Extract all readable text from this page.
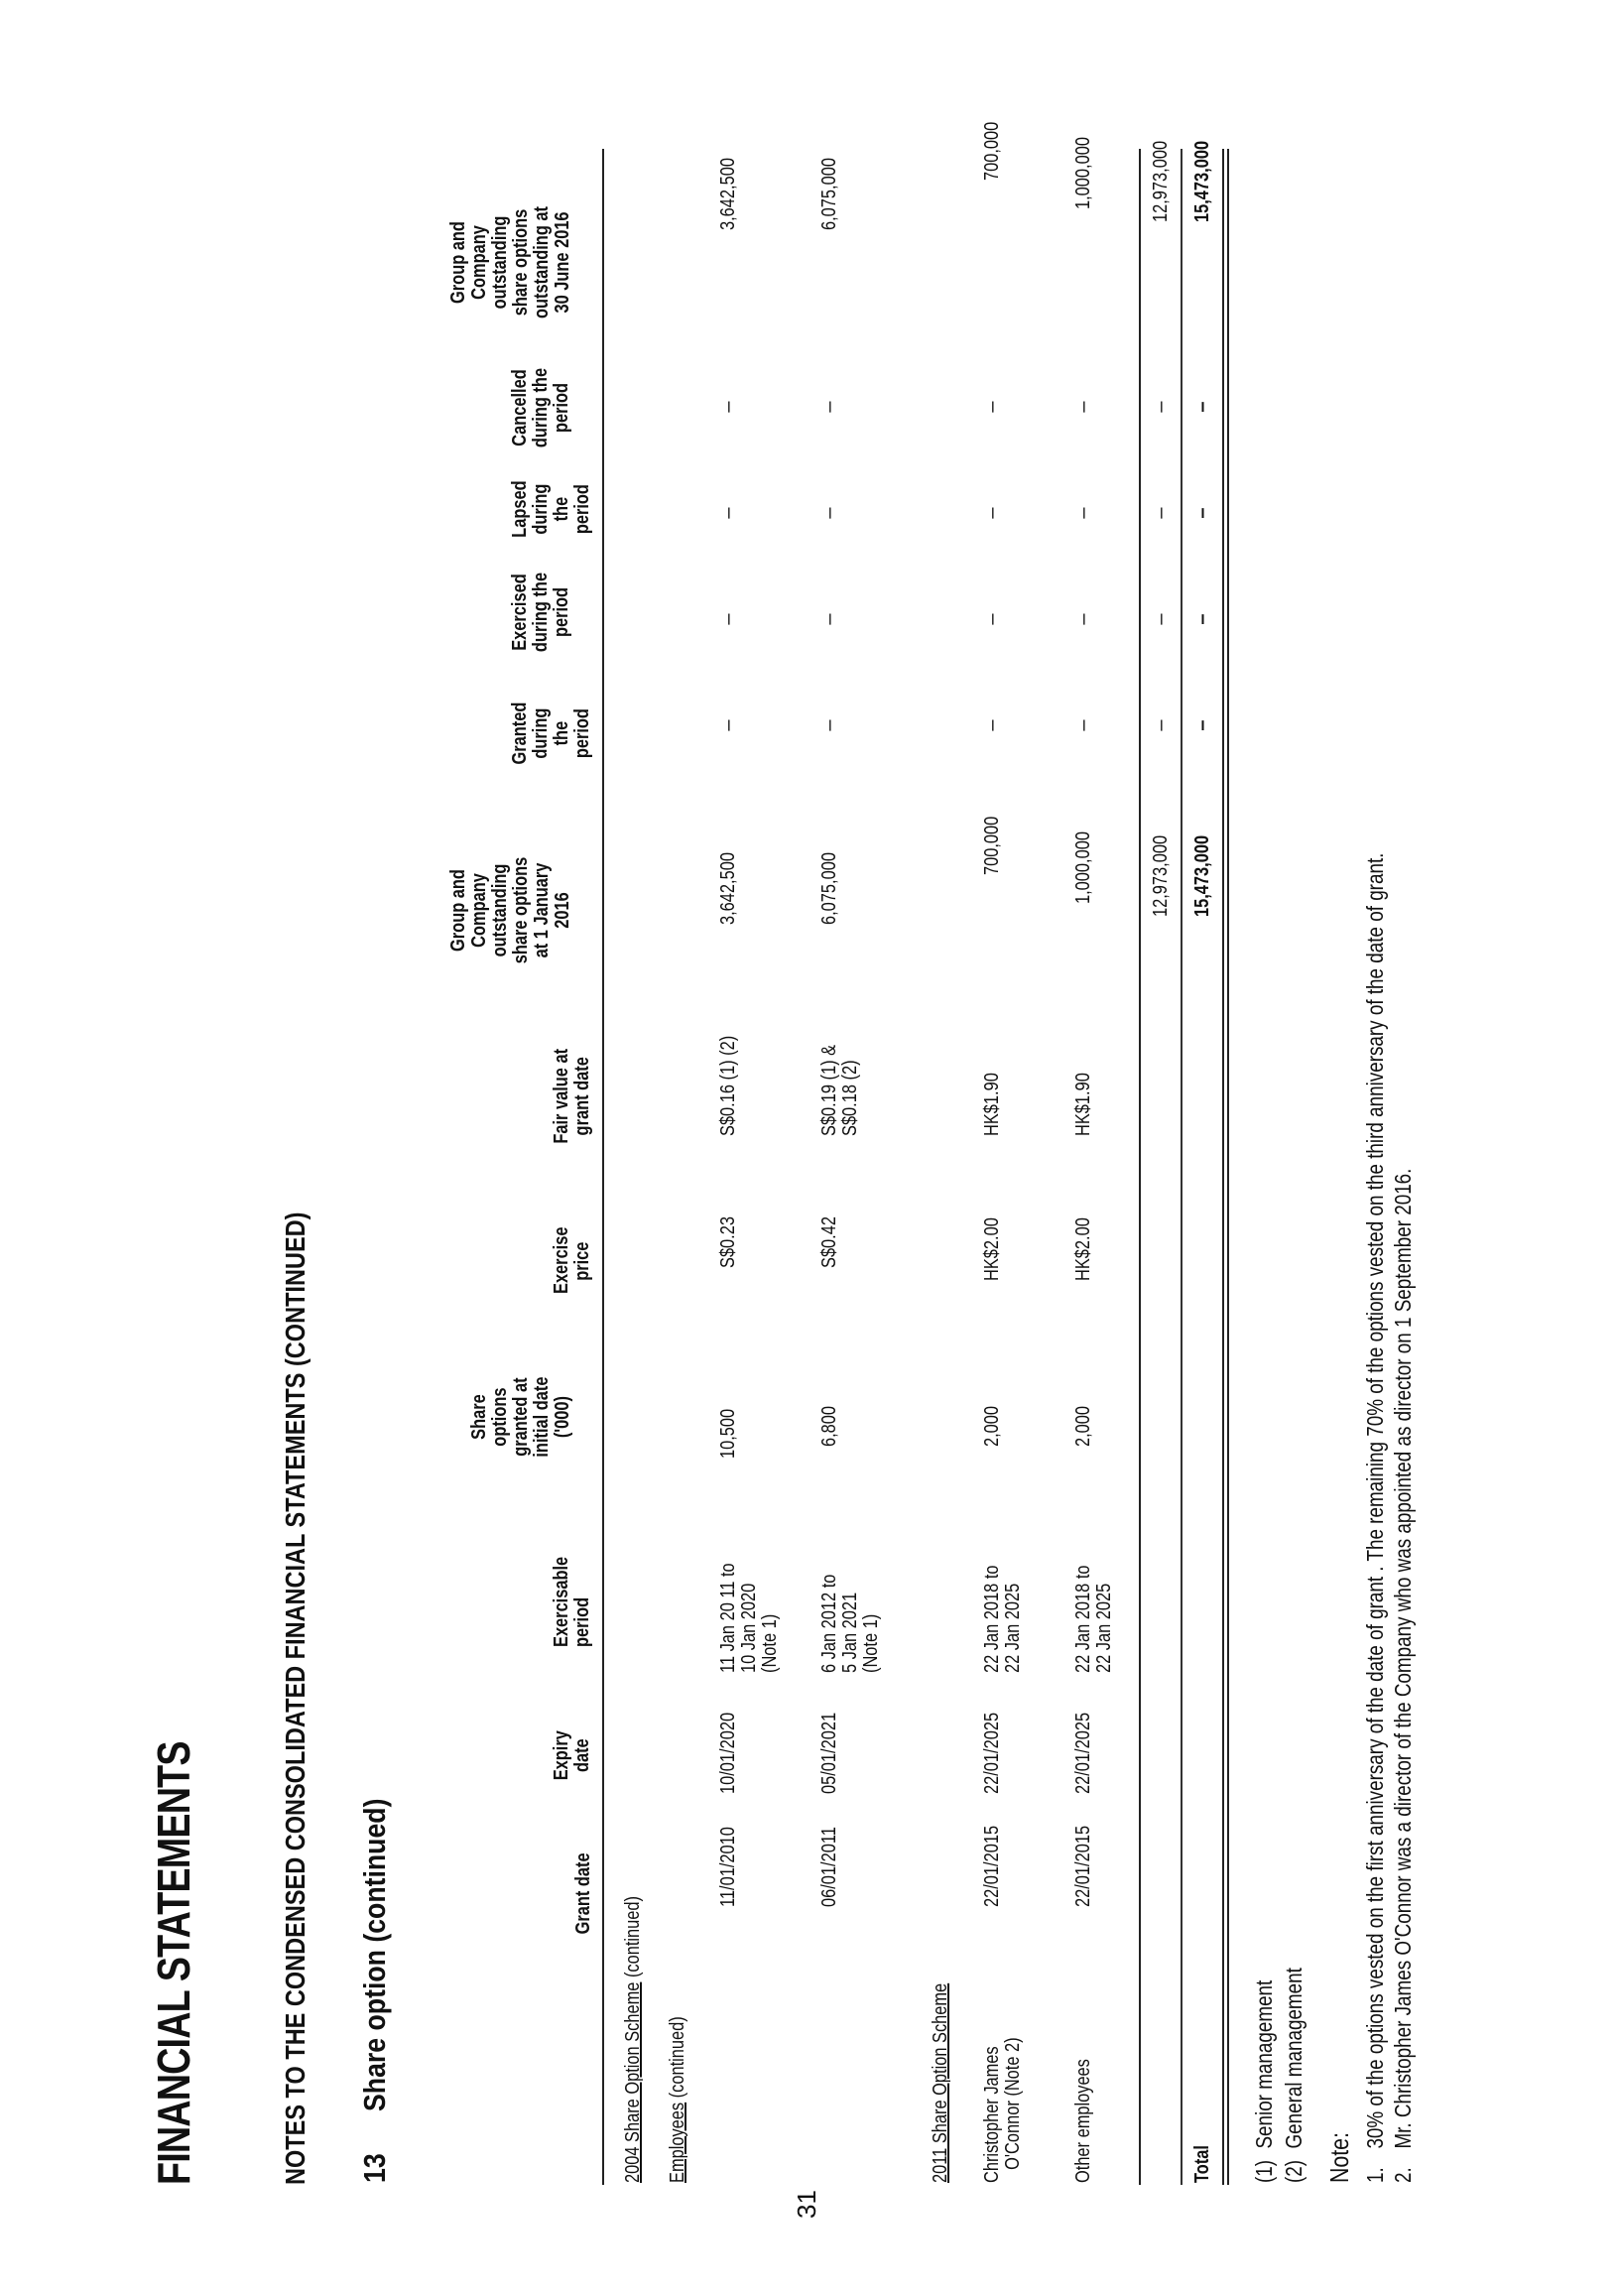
FINANCIAL STATEMENTS	NOTES TO THE CONDENSED CONSOLIDATED FINANCIAL STATEMENTS (CONTINUED) 13
Share option (continued)
31
Grant date
Expiry date
Exercisable period
Share options granted at initial date ('000)
Exercise price
Fair value at grant date
Group and Company outstanding share options at 1 January 2016
Granted during the period
Exercised during the period
Lapsed during the period
Cancelled during the period
Group and Company outstanding share options outstanding at 30 June 2016
2004 Share Option Scheme (continued)
Employees (continued)
11/01/2010
10/01/2020
11 Jan 20 11 to 10 Jan 2020 (Note 1)
10,500
S$0.23
S$0.16 (1) (2)
3,642,500
–
–
–
–
3,642,500
06/01/2011
05/01/2021
6 Jan 2012 to 5 Jan 2021 (Note 1)
6,800
S$0.42
S$0.19 (1) & S$0.18 (2)
6,075,000
–
–
–
–
6,075,000
2011 Share Option Scheme Christopher James O'Connor (Note 2)
22/01/2015
22/01/2025
22 Jan 2018 to 22 Jan 2025
2,000
HK$2.00
HK$1.90
700,000
–
–
–
–
700,000
Other employees
22/01/2015
22/01/2025
22 Jan 2018 to 22 Jan 2025
2,000
HK$2.00
HK$1.90
1,000,000
–
–
–
–
1,000,000
12,973,000
–
–
–
–
12,973,000
Total
15,473,000
–
–
–
–
15,473,000
(1)Senior management
(2)General management
Note: 1.30% of the options vested on the first anniversary of the date of grant . The remaining 70% of the options vested on the third anniversary of the date of grant.
2.Mr. Christopher James O'Connor was a director of the Company who was appointed as director on 1 September 2016.
